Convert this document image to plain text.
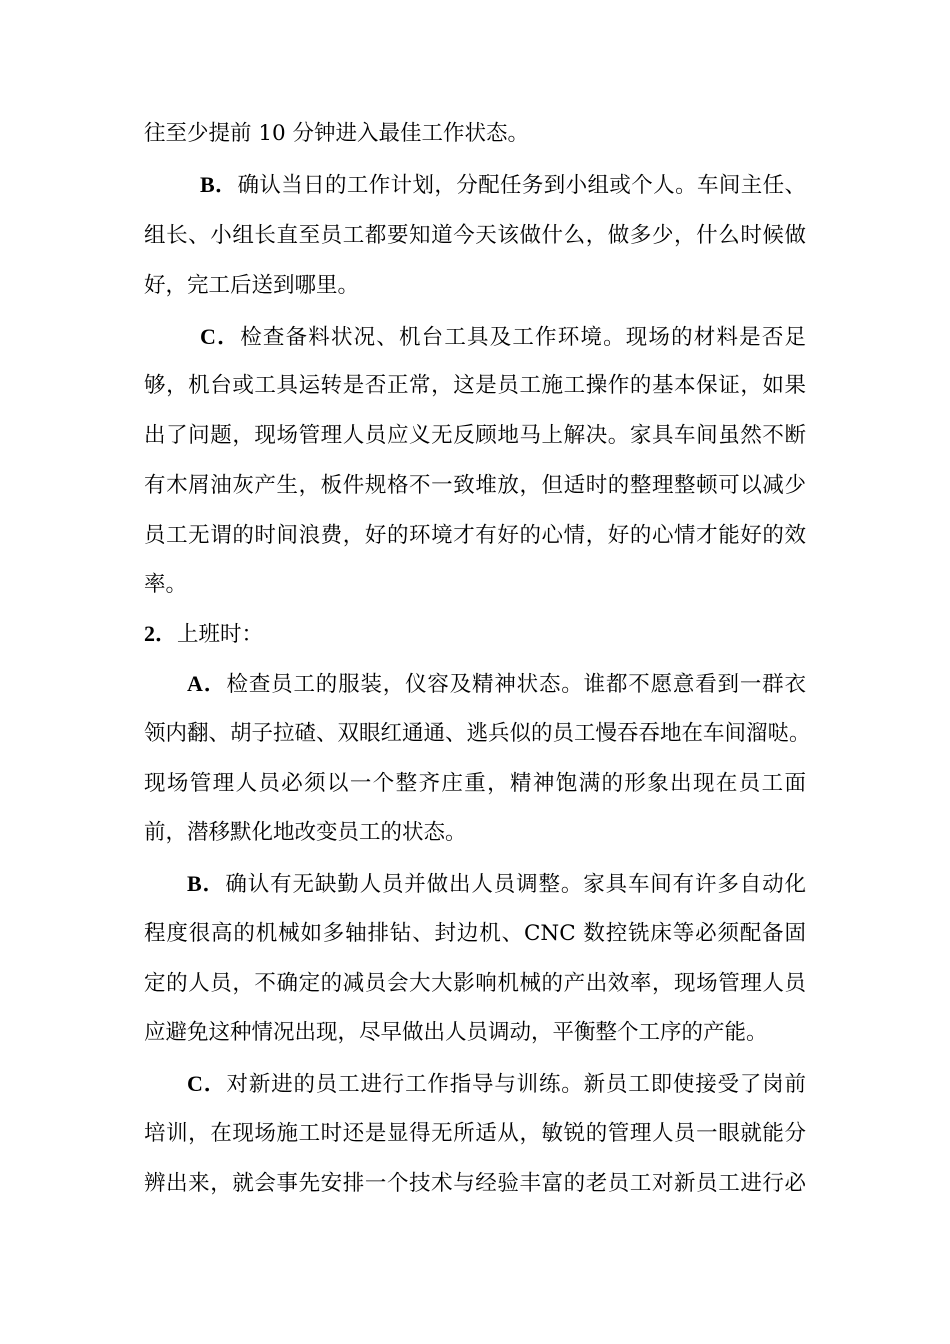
往至少提前 10 分钟进入最佳工作状态。
B．确认当日的工作计划，分配任务到小组或个人。车间主任、
组长、小组长直至员工都要知道今天该做什么，做多少，什么时候做
好，完工后送到哪里。
C．检查备料状况、机台工具及工作环境。现场的材料是否足
够，机台或工具运转是否正常，这是员工施工操作的基本保证，如果
出了问题，现场管理人员应义无反顾地马上解决。家具车间虽然不断
有木屑油灰产生，板件规格不一致堆放，但适时的整理整顿可以减少
员工无谓的时间浪费，好的环境才有好的心情，好的心情才能好的效
率。
2．上班时：
A．检查员工的服装，仪容及精神状态。谁都不愿意看到一群衣
领内翻、胡子拉碴、双眼红通通、逃兵似的员工慢吞吞地在车间溜哒。
现场管理人员必须以一个整齐庄重，精神饱满的形象出现在员工面
前，潜移默化地改变员工的状态。
B．确认有无缺勤人员并做出人员调整。家具车间有许多自动化
程度很高的机械如多轴排钻、封边机、CNC 数控铣床等必须配备固
定的人员，不确定的减员会大大影响机械的产出效率，现场管理人员
应避免这种情况出现，尽早做出人员调动，平衡整个工序的产能。
C．对新进的员工进行工作指导与训练。新员工即使接受了岗前
培训，在现场施工时还是显得无所适从，敏锐的管理人员一眼就能分
辨出来，就会事先安排一个技术与经验丰富的老员工对新员工进行必
